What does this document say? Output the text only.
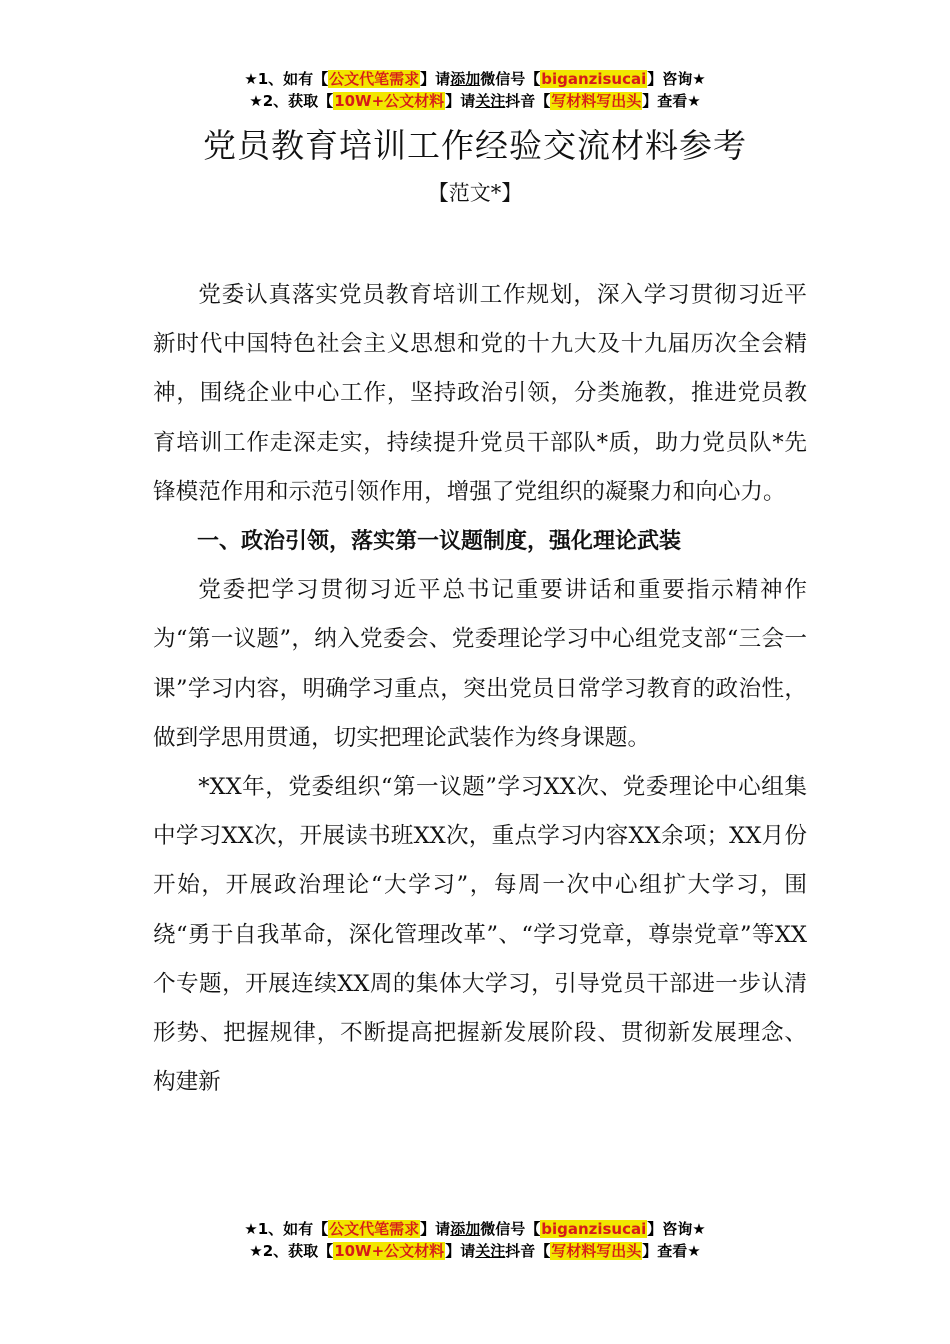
★1、如有【公文代笔需求】请添加微信号【biganzisucai】咨询★
★2、获取【10W+公文材料】请关注抖音【写材料写出头】查看★
党员教育培训工作经验交流材料参考
【范文*】

党委认真落实党员教育培训工作规划，深入学习贯彻习近平新时代中国特色社会主义思想和党的十九大及十九届历次全会精神，围绕企业中心工作，坚持政治引领，分类施教，推进党员教育培训工作走深走实，持续提升党员干部队*质，助力党员队*先锋模范作用和示范引领作用，增强了党组织的凝聚力和向心力。

一、政治引领，落实第一议题制度，强化理论武装

党委把学习贯彻习近平总书记重要讲话和重要指示精神作为“第一议题”，纳入党委会、党委理论学习中心组党支部“三会一课”学习内容，明确学习重点，突出党员日常学习教育的政治性，做到学思用贯通，切实把理论武装作为终身课题。

*XX年，党委组织“第一议题”学习XX次、党委理论中心组集中学习XX次，开展读书班XX次，重点学习内容XX余项；XX月份开始，开展政治理论“大学习”，每周一次中心组扩大学习，围绕“勇于自我革命，深化管理改革”、“学习党章，尊崇党章”等XX个专题，开展连续XX周的集体大学习，引导党员干部进一步认清形势、把握规律，不断提高把握新发展阶段、贯彻新发展理念、构建新

★1、如有【公文代笔需求】请添加微信号【biganzisucai】咨询★
★2、获取【10W+公文材料】请关注抖音【写材料写出头】查看★
